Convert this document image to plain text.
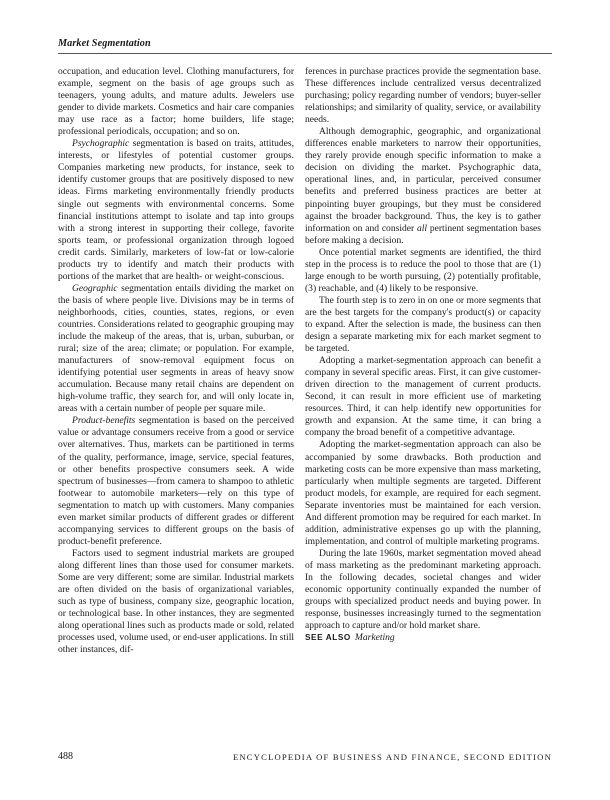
Market Segmentation

occupation, and education level. Clothing manufacturers, for example, segment on the basis of age groups such as teenagers, young adults, and mature adults. Jewelers use gender to divide markets. Cosmetics and hair care companies may use race as a factor; home builders, life stage; professional periodicals, occupation; and so on.

Psychographic segmentation is based on traits, attitudes, interests, or lifestyles of potential customer groups. Companies marketing new products, for instance, seek to identify customer groups that are positively disposed to new ideas. Firms marketing environmentally friendly products single out segments with environmental concerns. Some financial institutions attempt to isolate and tap into groups with a strong interest in supporting their college, favorite sports team, or professional organization through logoed credit cards. Similarly, marketers of low-fat or low-calorie products try to identify and match their products with portions of the market that are health- or weight-conscious.

Geographic segmentation entails dividing the market on the basis of where people live. Divisions may be in terms of neighborhoods, cities, counties, states, regions, or even countries. Considerations related to geographic grouping may include the makeup of the areas, that is, urban, suburban, or rural; size of the area; climate; or population. For example, manufacturers of snow-removal equipment focus on identifying potential user segments in areas of heavy snow accumulation. Because many retail chains are dependent on high-volume traffic, they search for, and will only locate in, areas with a certain number of people per square mile.

Product-benefits segmentation is based on the perceived value or advantage consumers receive from a good or service over alternatives. Thus, markets can be partitioned in terms of the quality, performance, image, service, special features, or other benefits prospective consumers seek. A wide spectrum of businesses—from camera to shampoo to athletic footwear to automobile marketers—rely on this type of segmentation to match up with customers. Many companies even market similar products of different grades or different accompanying services to different groups on the basis of product-benefit preference.

Factors used to segment industrial markets are grouped along different lines than those used for consumer markets. Some are very different; some are similar. Industrial markets are often divided on the basis of organizational variables, such as type of business, company size, geographic location, or technological base. In other instances, they are segmented along operational lines such as products made or sold, related processes used, volume used, or end-user applications. In still other instances, dif-

ferences in purchase practices provide the segmentation base. These differences include centralized versus decentralized purchasing; policy regarding number of vendors; buyer-seller relationships; and similarity of quality, service, or availability needs.

Although demographic, geographic, and organizational differences enable marketers to narrow their opportunities, they rarely provide enough specific information to make a decision on dividing the market. Psychographic data, operational lines, and, in particular, perceived consumer benefits and preferred business practices are better at pinpointing buyer groupings, but they must be considered against the broader background. Thus, the key is to gather information on and consider all pertinent segmentation bases before making a decision.

Once potential market segments are identified, the third step in the process is to reduce the pool to those that are (1) large enough to be worth pursuing, (2) potentially profitable, (3) reachable, and (4) likely to be responsive.

The fourth step is to zero in on one or more segments that are the best targets for the company's product(s) or capacity to expand. After the selection is made, the business can then design a separate marketing mix for each market segment to be targeted.

Adopting a market-segmentation approach can benefit a company in several specific areas. First, it can give customer-driven direction to the management of current products. Second, it can result in more efficient use of marketing resources. Third, it can help identify new opportunities for growth and expansion. At the same time, it can bring a company the broad benefit of a competitive advantage.

Adopting the market-segmentation approach can also be accompanied by some drawbacks. Both production and marketing costs can be more expensive than mass marketing, particularly when multiple segments are targeted. Different product models, for example, are required for each segment. Separate inventories must be maintained for each version. And different promotion may be required for each market. In addition, administrative expenses go up with the planning, implementation, and control of multiple marketing programs.

During the late 1960s, market segmentation moved ahead of mass marketing as the predominant marketing approach. In the following decades, societal changes and wider economic opportunity continually expanded the number of groups with specialized product needs and buying power. In response, businesses increasingly turned to the segmentation approach to capture and/or hold market share.

SEE ALSO Marketing

488	ENCYCLOPEDIA OF BUSINESS AND FINANCE, SECOND EDITION
